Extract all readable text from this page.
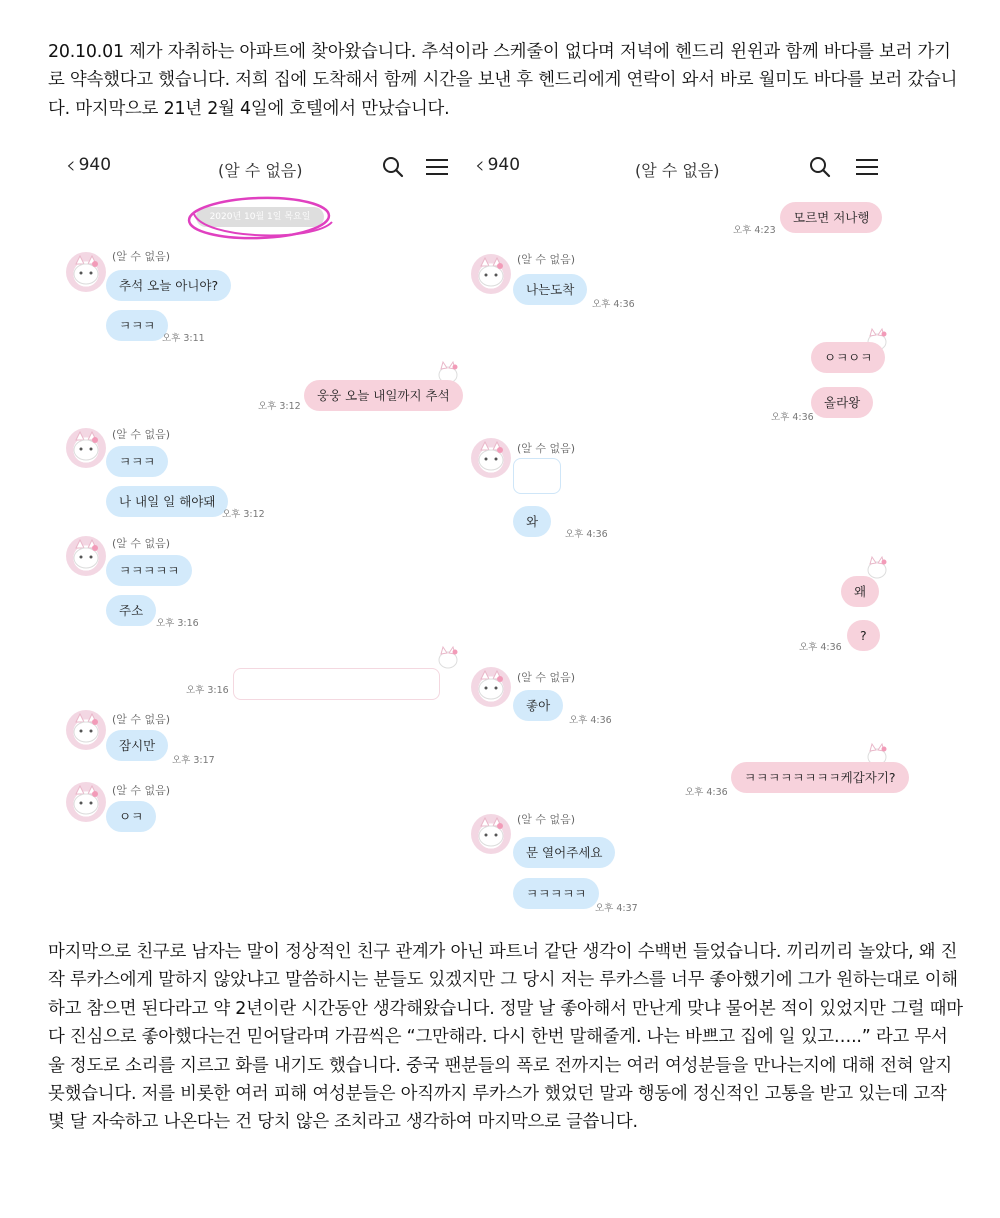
20.10.01 제가 자취하는 아파트에 찾아왔습니다. 추석이라 스케줄이 없다며 저녁에 헨드리 윈윈과 함께 바다를 보러 가기로 약속했다고 했습니다. 저희 집에 도착해서 함께 시간을 보낸 후 헨드리에게 연락이 와서 바로 월미도 바다를 보러 갔습니다. 마지막으로 21년 2월 4일에 호텔에서 만났습니다.

‹ 940	(알 수 없음)
2020년 10월 1일 목요일
(알 수 없음)
추석 오늘 아니야?
ㅋㅋㅋ
오후 3:11
웅웅 오늘 내일까지 추석
오후 3:12
(알 수 없음)
ㅋㅋㅋ
나 내일 일 해야돼
오후 3:12
(알 수 없음)
ㅋㅋㅋㅋㅋ
주소
오후 3:16
오후 3:16
(알 수 없음)
잠시만
오후 3:17
(알 수 없음)
ㅇㅋ
‹ 940	(알 수 없음)
모르면 저나행
오후 4:23
(알 수 없음)
나는도착
오후 4:36
ㅇㅋㅇㅋ
올라왕
오후 4:36
(알 수 없음)
와
오후 4:36
왜
?
오후 4:36
(알 수 없음)
좋아
오후 4:36
ㅋㅋㅋㅋㅋㅋㅋㅋ케갑자기?
오후 4:36
(알 수 없음)
문 열어주세요
ㅋㅋㅋㅋㅋ
오후 4:37

마지막으로 친구로 남자는 말이 정상적인 친구 관계가 아닌 파트너 같단 생각이 수백번 들었습니다. 끼리끼리 놀았다, 왜 진작 루카스에게 말하지 않았냐고 말씀하시는 분들도 있겠지만 그 당시 저는 루카스를 너무 좋아했기에 그가 원하는대로 이해하고 참으면 된다라고 약 2년이란 시간동안 생각해왔습니다. 정말 날 좋아해서 만난게 맞냐 물어본 적이 있었지만 그럴 때마다 진심으로 좋아했다는건 믿어달라며 가끔씩은 “그만해라. 다시 한번 말해줄게. 나는 바쁘고 집에 일 있고…..” 라고 무서울 정도로 소리를 지르고 화를 내기도 했습니다. 중국 팬분들의 폭로 전까지는 여러 여성분들을 만나는지에 대해 전혀 알지 못했습니다. 저를 비롯한 여러 피해 여성분들은 아직까지 루카스가 했었던 말과 행동에 정신적인 고통을 받고 있는데 고작 몇 달 자숙하고 나온다는 건 당치 않은 조치라고 생각하여 마지막으로 글씁니다.
